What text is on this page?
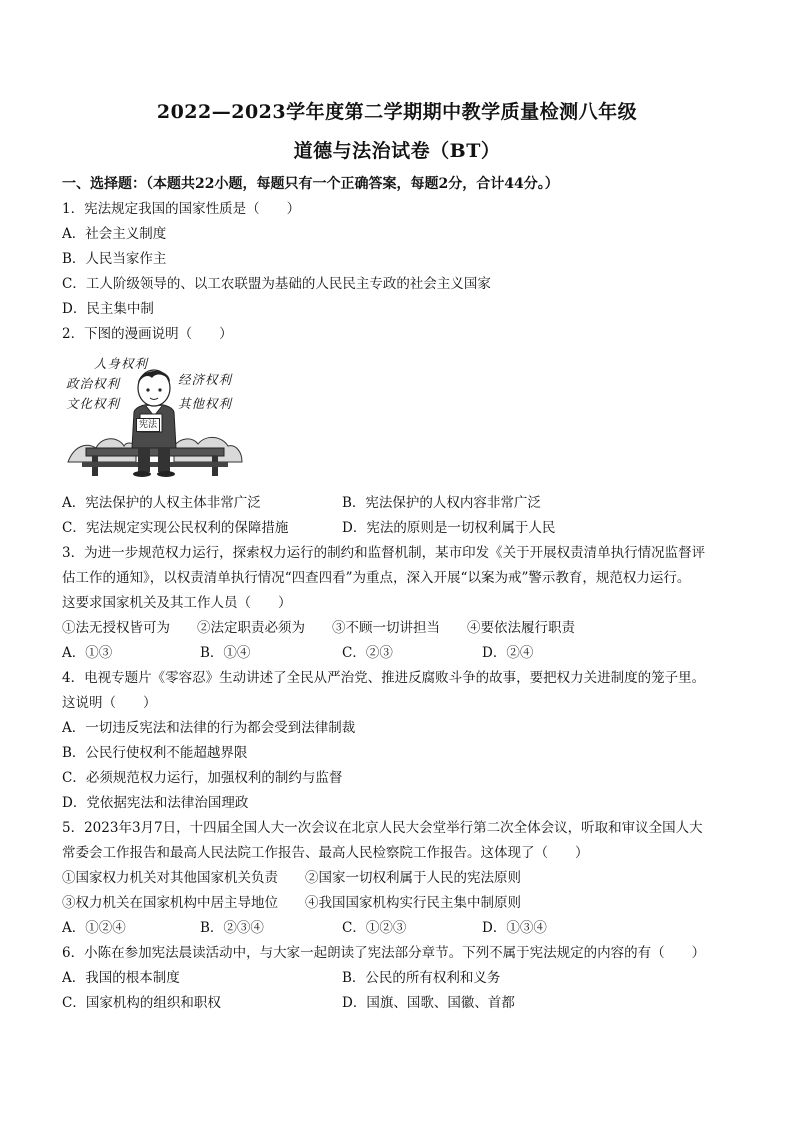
2022—2023学年度第二学期期中教学质量检测八年级
道德与法治试卷（BT）
一、选择题：（本题共22小题，每题只有一个正确答案，每题2分，合计44分。）
1．宪法规定我国的国家性质是（　　）
A．社会主义制度
B．人民当家作主
C．工人阶级领导的、以工农联盟为基础的人民民主专政的社会主义国家
D．民主集中制
2．下图的漫画说明（　　）
人身权利
政治权利
文化权利
经济权利
其他权利
宪法
A．宪法保护的人权主体非常广泛	B．宪法保护的人权内容非常广泛
C．宪法规定实现公民权利的保障措施	D．宪法的原则是一切权利属于人民
3．为进一步规范权力运行，探索权力运行的制约和监督机制，某市印发《关于开展权责清单执行情况监督评
估工作的通知》，以权责清单执行情况“四查四看”为重点，深入开展“以案为戒”警示教育，规范权力运行。
这要求国家机关及其工作人员（　　）
①法无授权皆可为　　②法定职责必须为　　③不顾一切讲担当　　④要依法履行职责
A．①③	B．①④	C．②③	D．②④
4．电视专题片《零容忍》生动讲述了全民从严治党、推进反腐败斗争的故事，要把权力关进制度的笼子里。
这说明（　　）
A．一切违反宪法和法律的行为都会受到法律制裁
B．公民行使权利不能超越界限
C．必须规范权力运行，加强权利的制约与监督
D．党依据宪法和法律治国理政
5．2023年3月7日，十四届全国人大一次会议在北京人民大会堂举行第二次全体会议，听取和审议全国人大
常委会工作报告和最高人民法院工作报告、最高人民检察院工作报告。这体现了（　　）
①国家权力机关对其他国家机关负责　　②国家一切权利属于人民的宪法原则
③权力机关在国家机构中居主导地位　　④我国国家机构实行民主集中制原则
A．①②④	B．②③④	C．①②③	D．①③④
6．小陈在参加宪法晨读活动中，与大家一起朗读了宪法部分章节。下列不属于宪法规定的内容的有（　　）
A．我国的根本制度	B．公民的所有权利和义务
C．国家机构的组织和职权	D．国旗、国歌、国徽、首都
